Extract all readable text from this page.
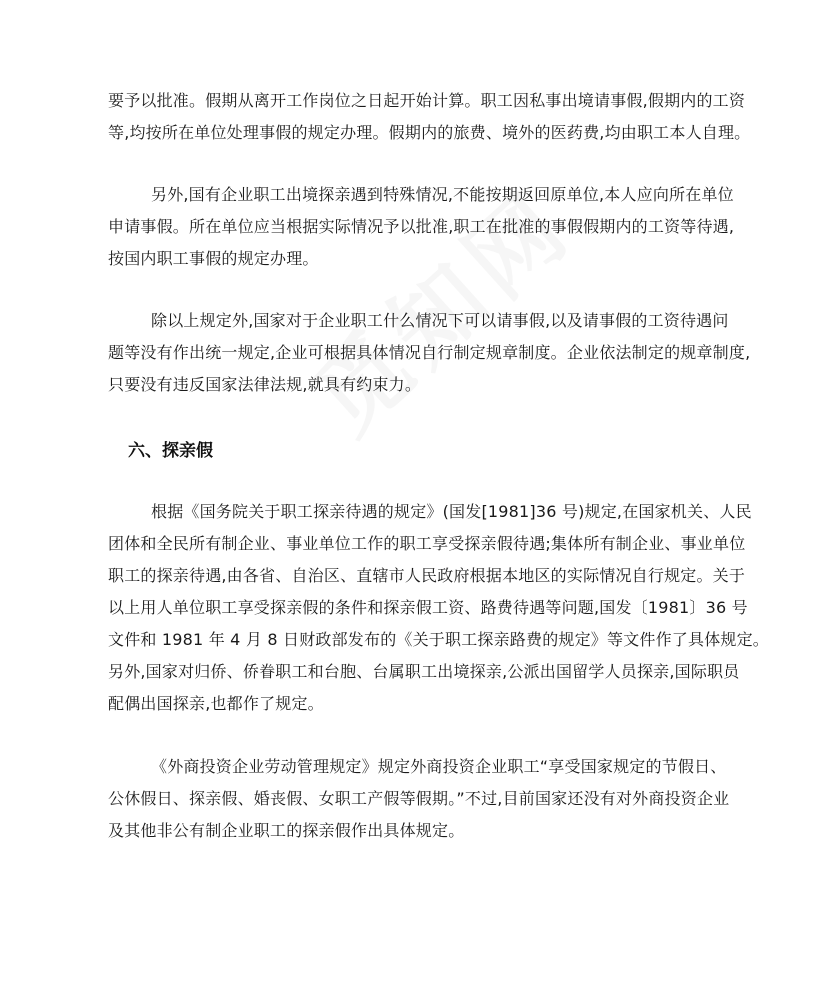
要予以批准。假期从离开工作岗位之日起开始计算。职工因私事出境请事假,假期内的工资
等,均按所在单位处理事假的规定办理。假期内的旅费、境外的医药费,均由职工本人自理。
另外,国有企业职工出境探亲遇到特殊情况,不能按期返回原单位,本人应向所在单位
申请事假。所在单位应当根据实际情况予以批准,职工在批准的事假假期内的工资等待遇,
按国内职工事假的规定办理。
除以上规定外,国家对于企业职工什么情况下可以请事假,以及请事假的工资待遇问
题等没有作出统一规定,企业可根据具体情况自行制定规章制度。企业依法制定的规章制度,
只要没有违反国家法律法规,就具有约束力。
六、探亲假
根据《国务院关于职工探亲待遇的规定》(国发[1981]36 号)规定,在国家机关、人民
团体和全民所有制企业、事业单位工作的职工享受探亲假待遇;集体所有制企业、事业单位
职工的探亲待遇,由各省、自治区、直辖市人民政府根据本地区的实际情况自行规定。关于
以上用人单位职工享受探亲假的条件和探亲假工资、路费待遇等问题,国发〔1981〕36 号
文件和 1981 年 4 月 8 日财政部发布的《关于职工探亲路费的规定》等文件作了具体规定。
另外,国家对归侨、侨眷职工和台胞、台属职工出境探亲,公派出国留学人员探亲,国际职员
配偶出国探亲,也都作了规定。
《外商投资企业劳动管理规定》规定外商投资企业职工“享受国家规定的节假日、
公休假日、探亲假、婚丧假、女职工产假等假期。”不过,目前国家还没有对外商投资企业
及其他非公有制企业职工的探亲假作出具体规定。
